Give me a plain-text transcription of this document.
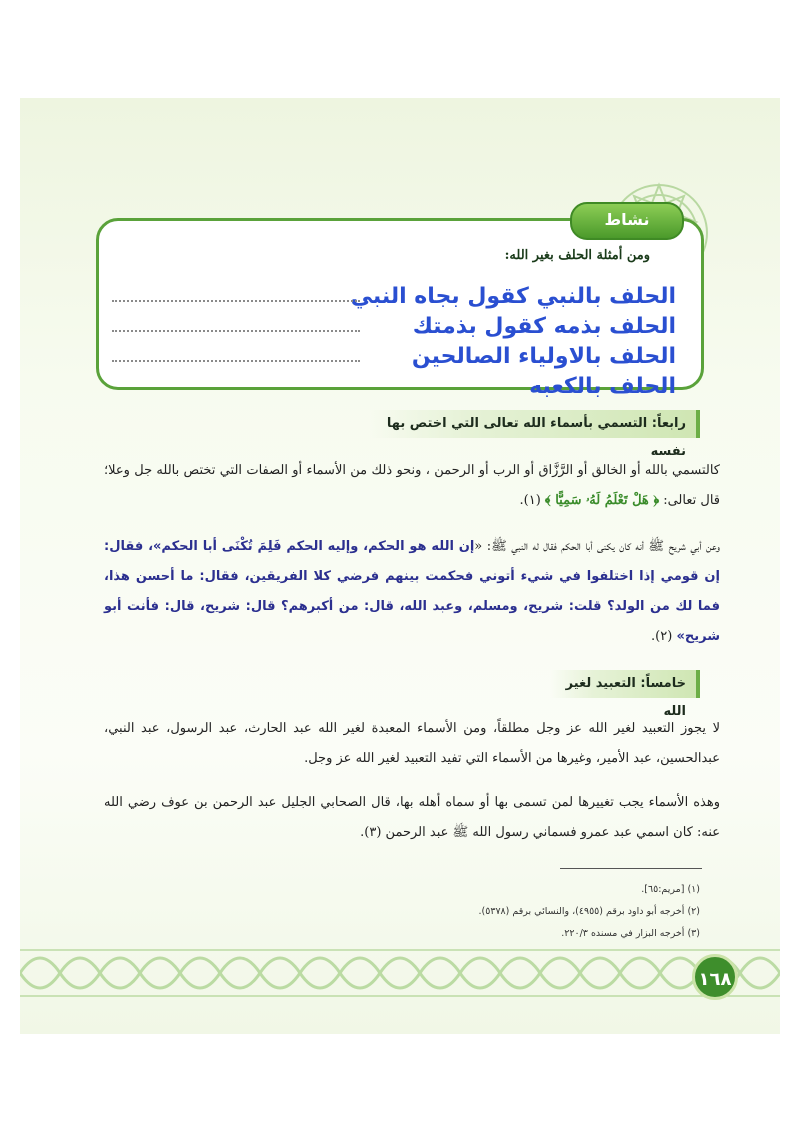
نشاط
ومن أمثلة الحلف بغير الله:
الحلف بالنبي كقول بجاه النبي
الحلف بذمه كقول بذمتك
الحلف بالاولياء الصالحين
الحلف بالكعبه
رابعاً: التسمي بأسماء الله تعالى التي اختص بها نفسه
كالتسمي بالله أو الخالق أو الرَّزَّاق أو الرب أو الرحمن ، ونحو ذلك من الأسماء أو الصفات التي تختص بالله جل وعلا؛ قال تعالى: ﴿ هَلْ تَعْلَمُ لَهُۥ سَمِيًّا ﴾ (١).
وعن أبي شريح ﷺ أنه كان يكنى أبا الحكم فقال له النبي ﷺ: «إن الله هو الحكم، وإليه الحكم فَلِمَ تُكْنَى أبا الحكم»، فقال: إن قومي إذا اختلفوا في شيء أتوني فحكمت بينهم فرضي كلا الفريقين، فقال: ما أحسن هذا، فما لك من الولد؟ قلت: شريح، ومسلم، وعبد الله، قال: من أكبرهم؟ قال: شريح، قال: فأنت أبو شريح» (٢).
خامساً: التعبيد لغير الله
لا يجوز التعبيد لغير الله عز وجل مطلقاً، ومن الأسماء المعبدة لغير الله عبد الحارث، عبد الرسول، عبد النبي، عبدالحسين، عبد الأمير، وغيرها من الأسماء التي تفيد التعبيد لغير الله عز وجل.
وهذه الأسماء يجب تغييرها لمن تسمى بها أو سماه أهله بها، قال الصحابي الجليل عبد الرحمن بن عوف رضي الله عنه: كان اسمي عبد عمرو فسماني رسول الله ﷺ عبد الرحمن (٣).
(١) [مريم:٦٥].
(٢) أخرجه أبو داود برقم (٤٩٥٥)، والنسائي برقم (٥٣٧٨).
(٣) أخرجه البزار في مسنده ٢٢٠/٣.
١٦٨
